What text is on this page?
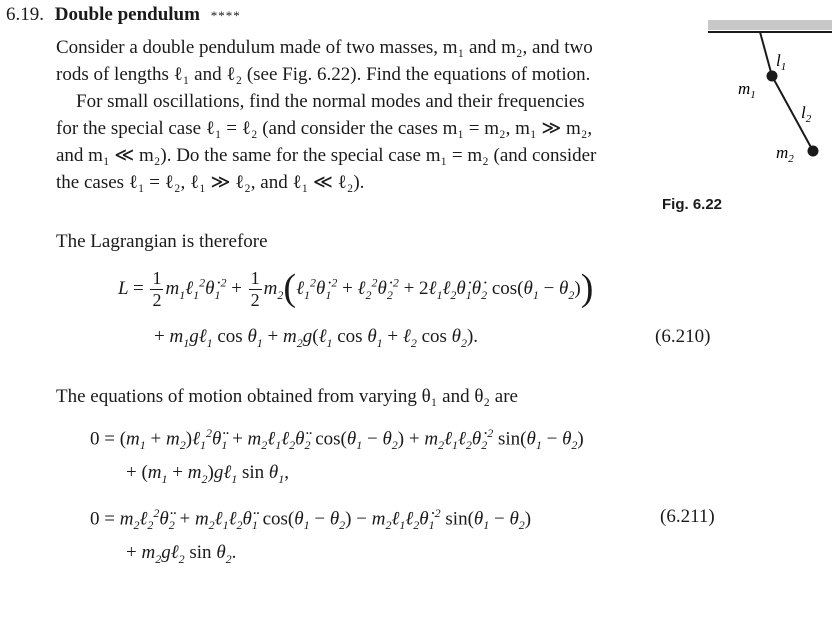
6.19. Double pendulum ****
Consider a double pendulum made of two masses, m₁ and m₂, and two
rods of lengths ℓ₁ and ℓ₂ (see Fig. 6.22). Find the equations of motion.
For small oscillations, find the normal modes and their frequencies
for the special case ℓ₁ = ℓ₂ (and consider the cases m₁ = m₂, m₁ ≫ m₂,
and m₁ ≪ m₂). Do the same for the special case m₁ = m₂ (and consider
the cases ℓ₁ = ℓ₂, ℓ₁ ≫ ℓ₂, and ℓ₁ ≪ ℓ₂).
$l_1$
$l_2$
$m_1$
$m_2$
Fig. 6.22
The Lagrangian is therefore
$L = \frac{1}{2}$ $m_1\ell_1^2\thetȧ_1^2 + \frac{1}{2}$ $m_2(\ell_1^2\thetȧ_1^2$ + $\ell_2^2\thetȧ_2^2$ + $2\ell_1\ell_2\thetȧ_1\thetȧ_2$ $\cos(\theta_1 - \theta_2)$)
+ $m_1g\ell_1$ $\cos \theta_1$ + $m_2g(\ell_1$ $\cos \theta_1$ + ℓ$_2$ $\cos \theta_2$).	(6.210)
The equations of motion obtained from varying θ₁ and θ₂ are
$0 = (m_1$ + $m_2)\ell_1^2\thetä_1$ + $m_2\ell_1\ell_2\thetä_2$ $\cos(\theta_1 - \theta_2)$ + $m_2\ell_1\ell_2\thetȧ_2^2$ $\sin(\theta_1 - \theta_2)$
+ ($m_1$ + $m_2)g\ell_1$ $\sin \theta_1$,
$0 = m_2\ell_2^2\thetä_2$ + $m_2\ell_1\ell_2\thetä_1$ $\cos(\theta_1 - \theta_2)$ − $m_2\ell_1\ell_2\thetȧ_1^2$ $\sin(\theta_1 - \theta_2)$	(6.211)
+ $m_2g\ell_2$ $\sin \theta_2$.
